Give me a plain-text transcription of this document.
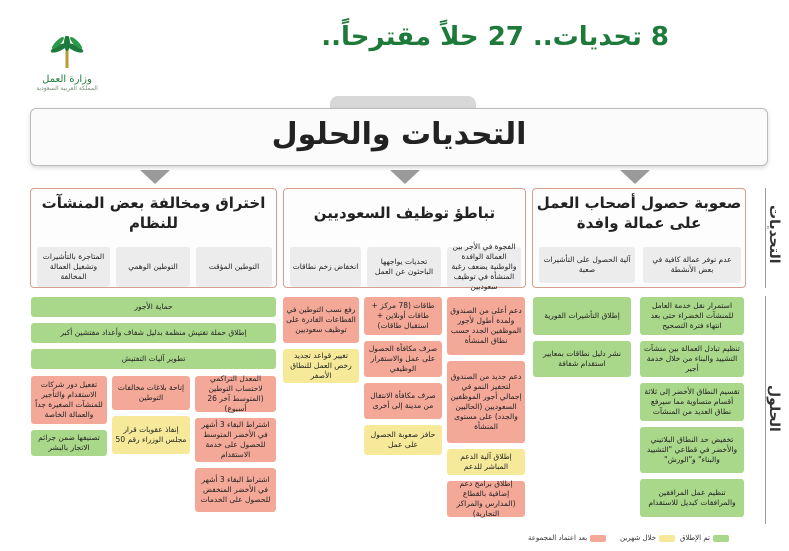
8 تحديات.. 27 حلاً مقترحاً..
وزارة العمل
المملكة العربية السعودية
التحديات والحلول
التحديات
الحلول
صعوبة حصول أصحاب العمل على عمالة وافدة
آلية الحصول على التأشيرات صعبة
عدم توفر عمالة كافية في بعض الأنشطة
تباطؤ توظيف السعوديين
الفجوة في الأجر بين العمالة الوافدة والوطنية يضعف رغبة المنشأة في توظيف سعوديين
تحديات يواجهها الباحثون عن العمل
انخفاض زخم نطاقات
اختراق ومخالفة بعض المنشآت للنظام
التوطين المؤقت
التوطين الوهمي
المتاجرة بالتأشيرات وتشغيل العمالة المخالفة
استمرار نقل خدمة العامل للمنشآت الخضراء حتى بعد انتهاء فترة التصحيح
تنظيم تبادل العمالة بين منشآت التشييد والبناء من خلال خدمة أجير
تقسيم النطاق الأخضر إلى ثلاثة أقسام متساوية مما سيرفع نطاق العديد من المنشآت
تخفيض حد النطاق البلاتيني والأخضر في قطاعي "التشييد والبناء" و"الورش"
تنظيم عمل المرافقين والمرافقات كبديل للاستقدام
إطلاق التأشيرات الفورية
نشر دليل نطاقات بمعايير استقدام شفافة
دعم أعلى من الصندوق ولمدة أطول لأجور الموظفين الجدد حسب نطاق المنشأة
دعم جديد من الصندوق لتحفيز النمو في إجمالي أجور الموظفين السعوديين (الحاليين والجدد) على مستوى المنشأة
إطلاق آلية الدعم المباشر للدعم
إطلاق برامج دعم إضافية بالقطاع (المدارس والمراكز التجارية)
طاقات (78 مركز + طاقات أونلاين + استقبال طاقات)
صرف مكافأة الحصول على عمل والاستقرار الوظيفي
صرف مكافأة الانتقال من مدينة إلى أخرى
حافز صعوبة الحصول على عمل
رفع نسب التوطين في القطاعات القادرة على توظيف سعوديين
تغيير قواعد تجديد رخص العمل للنطاق الأصفر
حماية الأجور
إطلاق حملة تفتيش منظمة بدليل شفاف وأعداد مفتشين أكبر
تطوير آليات التفتيش
المعدل التراكمي لاحتساب التوطين (المتوسط آخر 26 أسبوع)
اشتراط البقاء 3 أشهر في الأخضر المتوسط للحصول على خدمة الاستقدام
اشتراط البقاء 3 أشهر في الأخضر المنخفض للحصول على الخدمات
إتاحة بلاغات مخالفات التوطين
إنفاذ عقوبات قرار مجلس الوزراء رقم 50
تفعيل دور شركات الاستقدام والتأجير للمنشآت الصغيرة جداً والعمالة الخاصة
تصنيفها ضمن جرائم الاتجار بالبشر
تم الإطلاق
خلال شهرين
بعد اعتماد المجموعة
